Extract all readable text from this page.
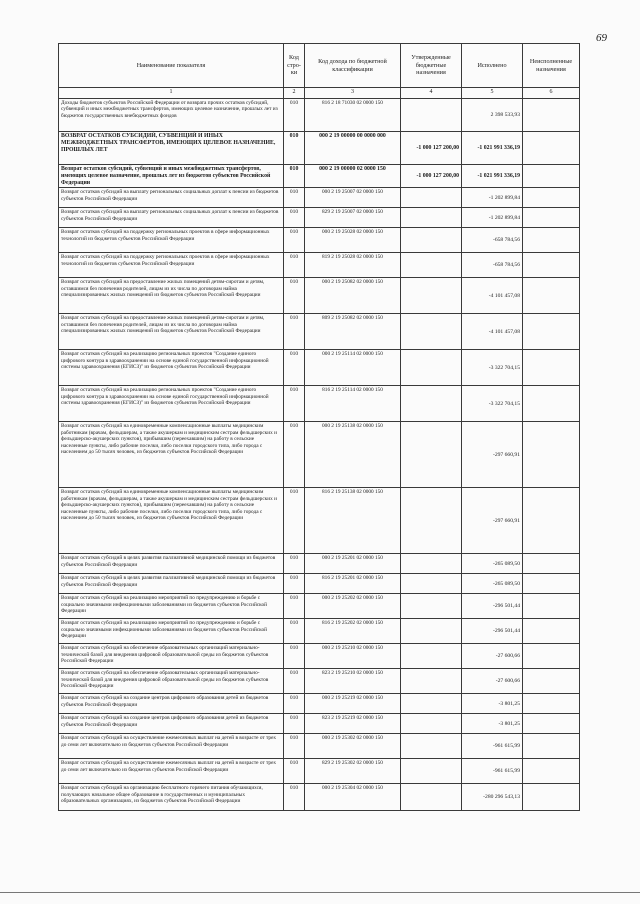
69
Наименование показателя	Код стро-ки	Код дохода по бюджетной классификации	Утвержденные бюджетные назначения	Исполнено	Неисполненные назначения
1	2	3	4	5	6
Доходы бюджетов субъектов Российской Федерации от возврата прочих остатков субсидий, субвенций и иных межбюджетных трансфертов, имеющих целевое назначение, прошлых лет из бюджетов государственных внебюджетных фондов	010	816 2 18 71030 02 0000 150		2 398 533,93	
ВОЗВРАТ ОСТАТКОВ СУБСИДИЙ, СУБВЕНЦИЙ И ИНЫХ МЕЖБЮДЖЕТНЫХ ТРАНСФЕРТОВ, ИМЕЮЩИХ ЦЕЛЕВОЕ НАЗНАЧЕНИЕ, ПРОШЛЫХ ЛЕТ	010	000 2 19 00000 00 0000 000	-1 000 127 200,00	-1 021 991 336,19	
Возврат остатков субсидий, субвенций и иных межбюджетных трансфертов, имеющих целевое назначение, прошлых лет из бюджетов субъектов Российской Федерации	010	000 2 19 00000 02 0000 150	-1 000 127 200,00	-1 021 991 336,19	
Возврат остатков субсидий на выплату региональных социальных доплат к пенсии из бюджетов субъектов Российской Федерации	010	000 2 19 25007 02 0000 150		-1 202 899,84	
Возврат остатков субсидий на выплату региональных социальных доплат к пенсии из бюджетов субъектов Российской Федерации	010	829 2 19 25007 02 0000 150		-1 202 899,84	
Возврат остатков субсидий на поддержку региональных проектов в сфере информационных технологий из бюджетов субъектов Российской Федерации	010	000 2 19 25028 02 0000 150		-658 784,56	
Возврат остатков субсидий на поддержку региональных проектов в сфере информационных технологий из бюджетов субъектов Российской Федерации	010	819 2 19 25028 02 0000 150		-658 784,56	
Возврат остатков субсидий на предоставление жилых помещений детям-сиротам и детям, оставшимся без попечения родителей, лицам из их числа по договорам найма специализированных жилых помещений из бюджетов субъектов Российской Федерации	010	000 2 19 25082 02 0000 150		-4 101 457,08	
Возврат остатков субсидий на предоставление жилых помещений детям-сиротам и детям, оставшимся без попечения родителей, лицам из их числа по договорам найма специализированных жилых помещений из бюджетов субъектов Российской Федерации	010	809 2 19 25082 02 0000 150		-4 101 457,08	
Возврат остатков субсидий на реализацию региональных проектов "Создание единого цифрового контура в здравоохранении на основе единой государственной информационной системы здравоохранения (ЕГИСЗ)" из бюджетов субъектов Российской Федерации	010	000 2 19 25114 02 0000 150		-3 322 704,15	
Возврат остатков субсидий на реализацию региональных проектов "Создание единого цифрового контура в здравоохранении на основе единой государственной информационной системы здравоохранения (ЕГИСЗ)" из бюджетов субъектов Российской Федерации	010	816 2 19 25114 02 0000 150		-3 322 704,15	
Возврат остатков субсидий на единовременные компенсационные выплаты медицинским работникам (врачам, фельдшерам, а также акушеркам и медицинским сестрам фельдшерских и фельдшерско-акушерских пунктов), прибывшим (переехавшим) на работу в сельские населенные пункты, либо рабочие поселки, либо поселки городского типа, либо города с населением до 50 тысяч человек, из бюджетов субъектов Российской Федерации	010	000 2 19 25138 02 0000 150		-297 660,91	
Возврат остатков субсидий на единовременные компенсационные выплаты медицинским работникам (врачам, фельдшерам, а также акушеркам и медицинским сестрам фельдшерских и фельдшерско-акушерских пунктов), прибывшим (переехавшим) на работу в сельские населенные пункты, либо рабочие поселки, либо поселки городского типа, либо города с населением до 50 тысяч человек, из бюджетов субъектов Российской Федерации	010	816 2 19 25138 02 0000 150		-297 660,91	
Возврат остатков субсидий в целях развития паллиативной медицинской помощи из бюджетов субъектов Российской Федерации	010	000 2 19 25201 02 0000 150		-265 089,50	
Возврат остатков субсидий в целях развития паллиативной медицинской помощи из бюджетов субъектов Российской Федерации	010	816 2 19 25201 02 0000 150		-265 089,50	
Возврат остатков субсидий на реализацию мероприятий по предупреждению и борьбе с социально значимыми инфекционными заболеваниями из бюджетов субъектов Российской Федерации	010	000 2 19 25202 02 0000 150		-296 501,44	
Возврат остатков субсидий на реализацию мероприятий по предупреждению и борьбе с социально значимыми инфекционными заболеваниями из бюджетов субъектов Российской Федерации	010	816 2 19 25202 02 0000 150		-296 501,44	
Возврат остатков субсидий на обеспечение образовательных организаций материально-технической базой для внедрения цифровой образовательной среды из бюджетов субъектов Российской Федерации	010	000 2 19 25210 02 0000 150		-27 600,66	
Возврат остатков субсидий на обеспечение образовательных организаций материально-технической базой для внедрения цифровой образовательной среды из бюджетов субъектов Российской Федерации	010	823 2 19 25210 02 0000 150		-27 600,66	
Возврат остатков субсидий на создание центров цифрового образования детей из бюджетов субъектов Российской Федерации	010	000 2 19 25219 02 0000 150		-3 801,25	
Возврат остатков субсидий на создание центров цифрового образования детей из бюджетов субъектов Российской Федерации	010	823 2 19 25219 02 0000 150		-3 801,25	
Возврат остатков субсидий на осуществление ежемесячных выплат на детей в возрасте от трех до семи лет включительно из бюджетов субъектов Российской Федерации	010	000 2 19 25302 02 0000 150		-961 615,99	
Возврат остатков субсидий на осуществление ежемесячных выплат на детей в возрасте от трех до семи лет включительно из бюджетов субъектов Российской Федерации	010	829 2 19 25302 02 0000 150		-961 615,99	
Возврат остатков субсидий на организацию бесплатного горячего питания обучающихся, получающих начальное общее образование в государственных и муниципальных образовательных организациях, из бюджетов субъектов Российской Федерации	010	000 2 19 25304 02 0000 150		-280 296 543,13	
